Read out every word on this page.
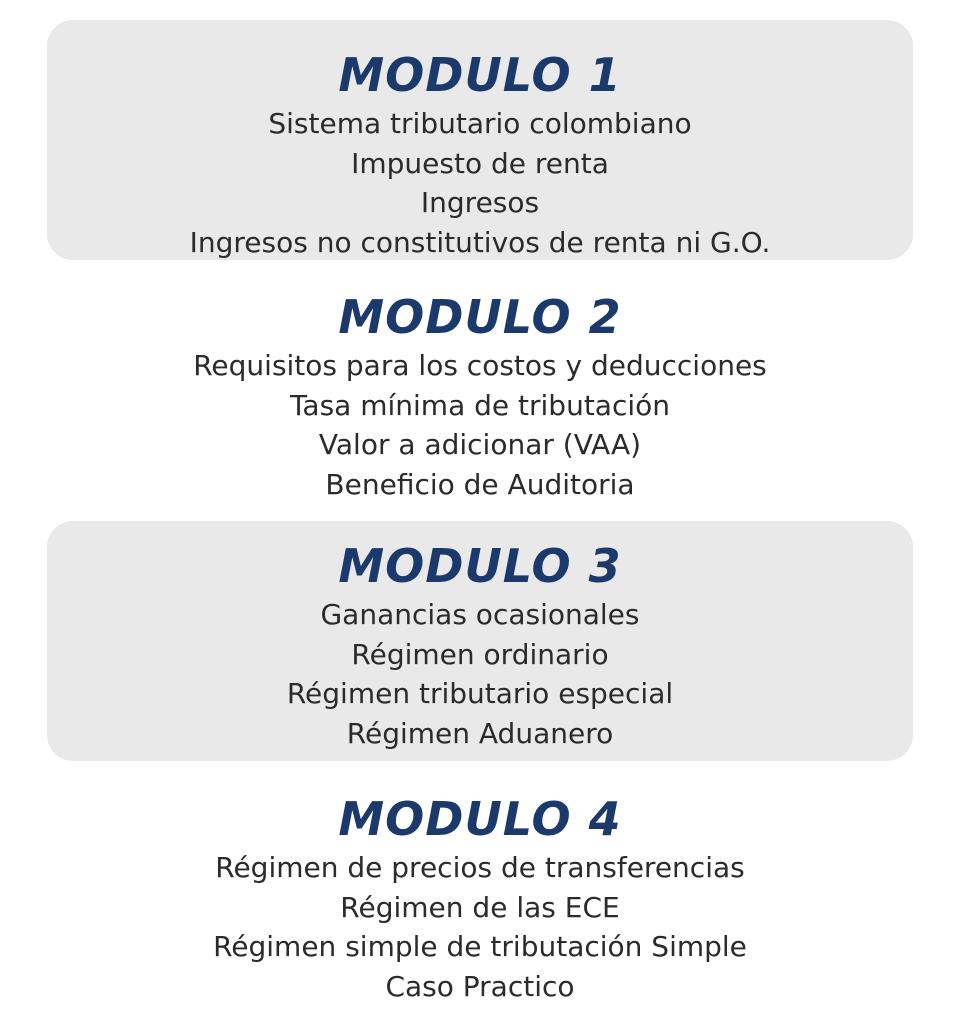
MODULO 1
Sistema tributario colombiano
Impuesto de renta
Ingresos
Ingresos no constitutivos de renta ni G.O.
MODULO 2
Requisitos para los costos y deducciones
Tasa mínima de tributación
Valor a adicionar (VAA)
Beneficio de Auditoria
MODULO 3
Ganancias ocasionales
Régimen ordinario
Régimen tributario especial
Régimen Aduanero
MODULO 4
Régimen de precios de transferencias
Régimen de las ECE
Régimen simple de tributación Simple
Caso Practico
